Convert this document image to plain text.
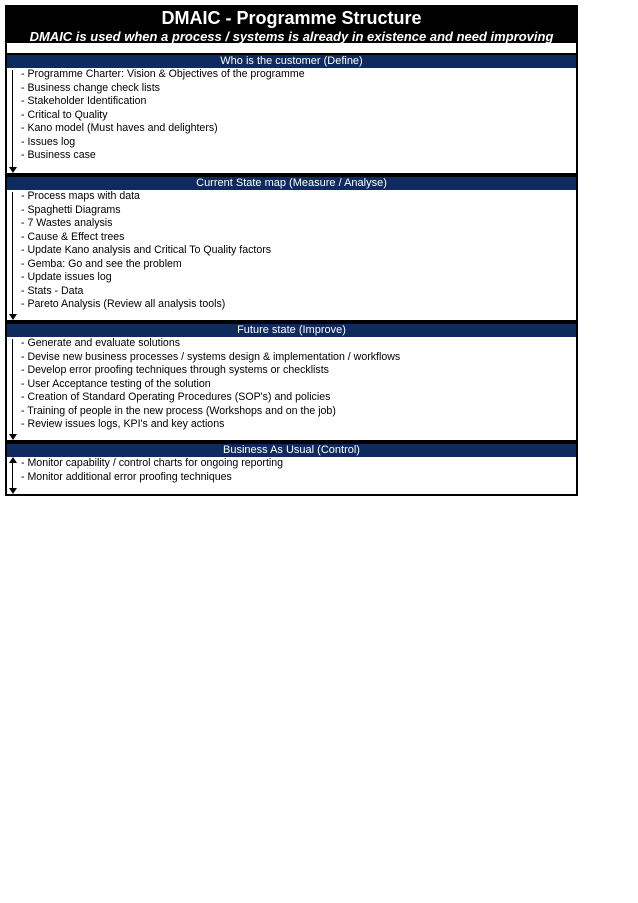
DMAIC - Programme Structure
DMAIC is used when a process / systems is already in existence and need improving
Who is the customer (Define)
- Programme Charter: Vision & Objectives of the programme
- Business change check lists
- Stakeholder Identification
- Critical to Quality
- Kano model (Must haves and delighters)
- Issues log
- Business case
Current State map (Measure / Analyse)
- Process maps with data
- Spaghetti Diagrams
- 7 Wastes analysis
- Cause & Effect trees
- Update Kano analysis and Critical To Quality factors
- Gemba: Go and see the problem
- Update issues log
- Stats - Data
- Pareto Analysis (Review all analysis tools)
Future state (Improve)
- Generate and evaluate solutions
- Devise new business processes / systems design & implementation / workflows
- Develop error proofing techniques through systems or checklists
- User Acceptance testing of the solution
- Creation of Standard Operating Procedures (SOP's) and policies
- Training of people in the new process (Workshops and on the job)
- Review issues logs, KPI's and key actions
Business As Usual (Control)
- Monitor capability / control charts for ongoing reporting
- Monitor additional error proofing techniques
